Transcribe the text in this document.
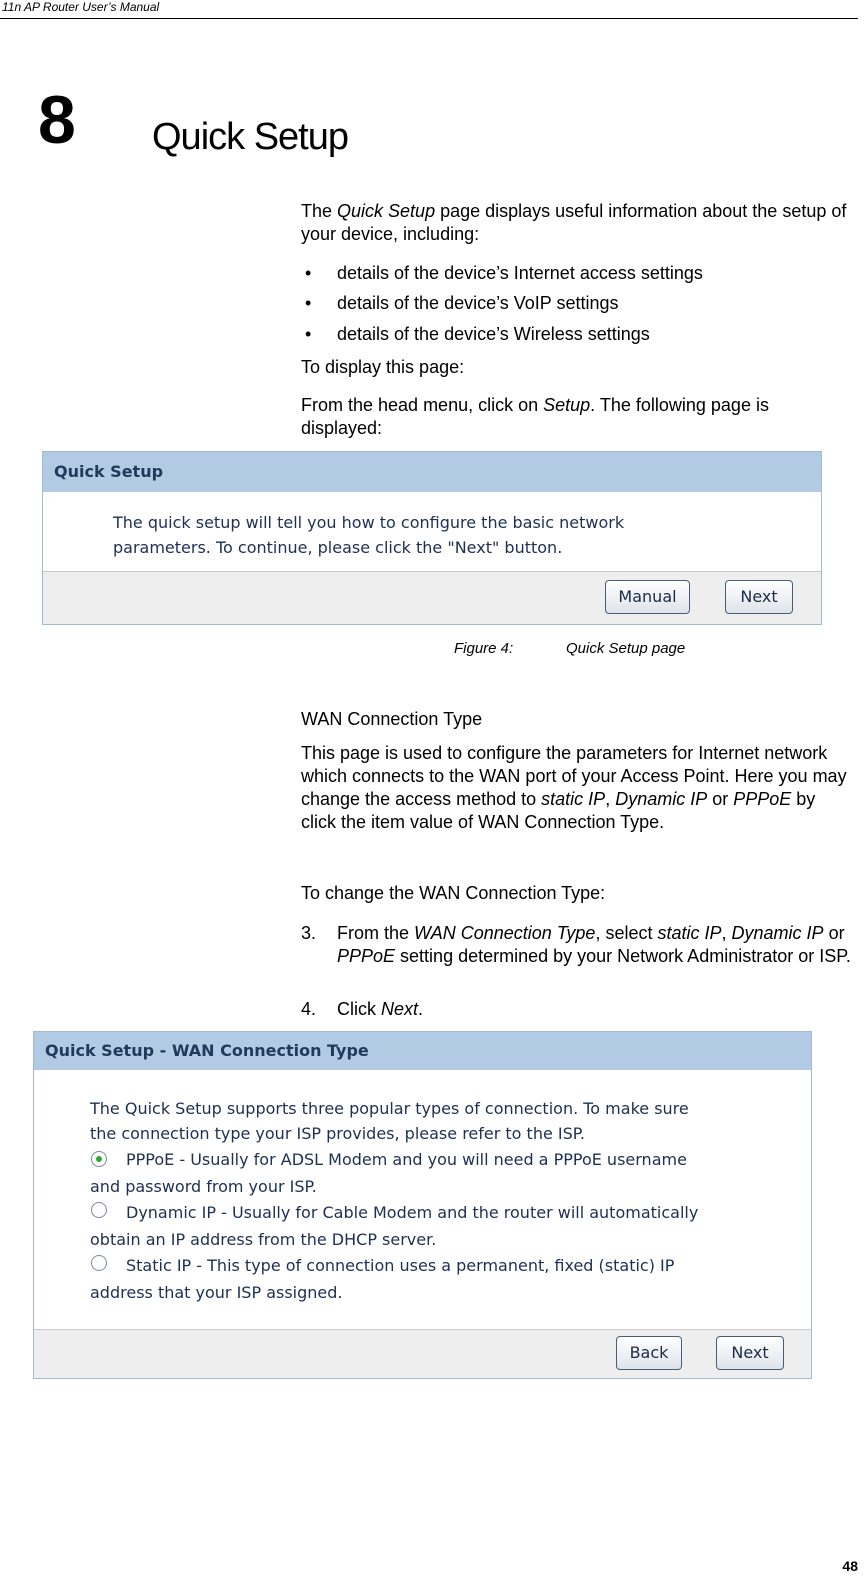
11n AP Router User’s Manual
8 Quick Setup
The Quick Setup page displays useful information about the setup of your device, including:
• details of the device’s Internet access settings
• details of the device’s VoIP settings
• details of the device’s Wireless settings
To display this page:
From the head menu, click on Setup. The following page is displayed:
Quick Setup
The quick setup will tell you how to configure the basic network
parameters. To continue, please click the "Next" button.
Manual	Next
Figure 4:	Quick Setup page
WAN Connection Type
This page is used to configure the parameters for Internet network which connects to the WAN port of your Access Point. Here you may change the access method to static IP, Dynamic IP or PPPoE by click the item value of WAN Connection Type.
To change the WAN Connection Type:
3. From the WAN Connection Type, select static IP, Dynamic IP or PPPoE setting determined by your Network Administrator or ISP.
4. Click Next.
Quick Setup - WAN Connection Type
The Quick Setup supports three popular types of connection. To make sure
the connection type your ISP provides, please refer to the ISP.
PPPoE - Usually for ADSL Modem and you will need a PPPoE username
and password from your ISP.
Dynamic IP - Usually for Cable Modem and the router will automatically
obtain an IP address from the DHCP server.
Static IP - This type of connection uses a permanent, fixed (static) IP
address that your ISP assigned.
Back	Next
48
